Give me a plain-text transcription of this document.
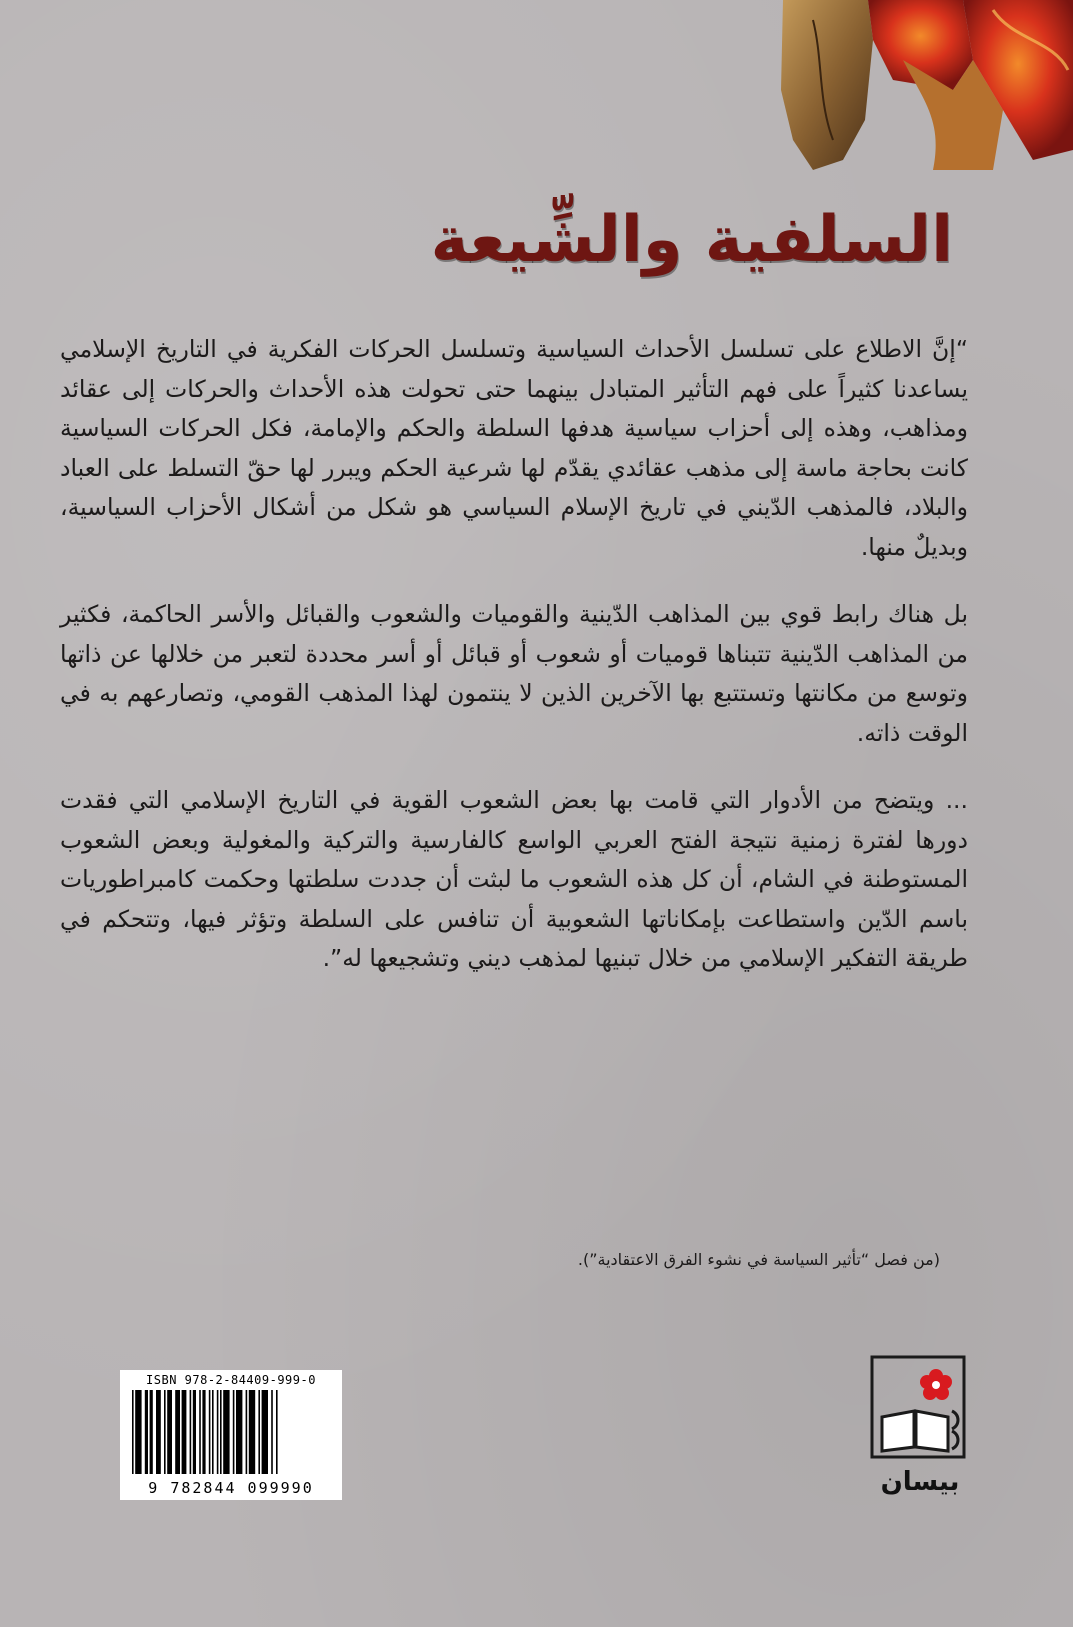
السلفية والشِّيعة

“إنَّ الاطلاع على تسلسل الأحداث السياسية وتسلسل الحركات الفكرية في التاريخ الإسلامي يساعدنا كثيراً على فهم التأثير المتبادل بينهما حتى تحولت هذه الأحداث والحركات إلى عقائد ومذاهب، وهذه إلى أحزاب سياسية هدفها السلطة والحكم والإمامة، فكل الحركات السياسية كانت بحاجة ماسة إلى مذهب عقائدي يقدّم لها شرعية الحكم ويبرر لها حقّ التسلط على العباد والبلاد، فالمذهب الدّيني في تاريخ الإسلام السياسي هو شكل من أشكال الأحزاب السياسية، وبديلٌ منها.

بل هناك رابط قوي بين المذاهب الدّينية والقوميات والشعوب والقبائل والأسر الحاكمة، فكثير من المذاهب الدّينية تتبناها قوميات أو شعوب أو قبائل أو أسر محددة لتعبر من خلالها عن ذاتها وتوسع من مكانتها وتستتبع بها الآخرين الذين لا ينتمون لهذا المذهب القومي، وتصارعهم به في الوقت ذاته.

... ويتضح من الأدوار التي قامت بها بعض الشعوب القوية في التاريخ الإسلامي التي فقدت دورها لفترة زمنية نتيجة الفتح العربي الواسع كالفارسية والتركية والمغولية وبعض الشعوب المستوطنة في الشام، أن كل هذه الشعوب ما لبثت أن جددت سلطتها وحكمت كامبراطوريات باسم الدّين واستطاعت بإمكاناتها الشعوبية أن تنافس على السلطة وتؤثر فيها، وتتحكم في طريقة التفكير الإسلامي من خلال تبنيها لمذهب ديني وتشجيعها له”.

(من فصل “تأثير السياسة في نشوء الفرق الاعتقادية”).
ISBN 978-2-84409-999-0
9 782844 099990	بيسان
